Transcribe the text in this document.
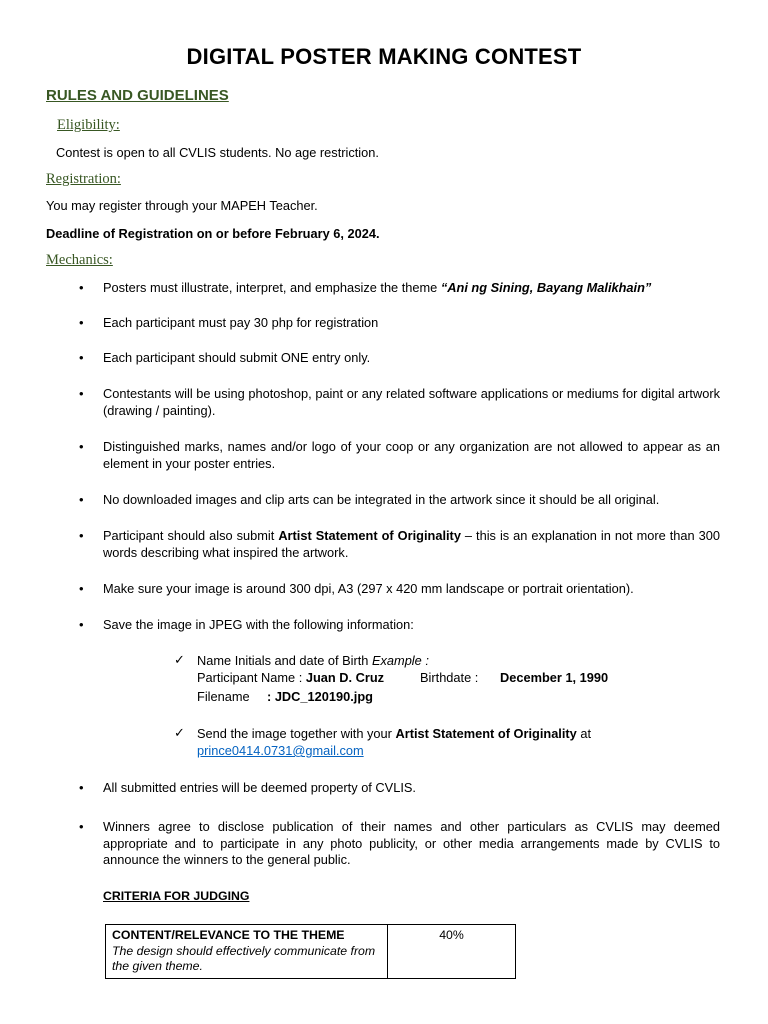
DIGITAL POSTER MAKING CONTEST
RULES AND GUIDELINES
Eligibility:
Contest is open to all CVLIS students. No age restriction.
Registration:
You may register through your MAPEH Teacher.
Deadline of Registration on or before February 6, 2024.
Mechanics:
• Posters must illustrate, interpret, and emphasize the theme “Ani ng Sining, Bayang Malikhain”
• Each participant must pay 30 php for registration
• Each participant should submit ONE entry only.
• Contestants will be using photoshop, paint or any related software applications or mediums for digital artwork (drawing / painting).
• Distinguished marks, names and/or logo of your coop or any organization are not allowed to appear as an element in your poster entries.
• No downloaded images and clip arts can be integrated in the artwork since it should be all original.
• Participant should also submit Artist Statement of Originality – this is an explanation in not more than 300 words describing what inspired the artwork.
• Make sure your image is around 300 dpi, A3 (297 x 420 mm landscape or portrait orientation).
• Save the image in JPEG with the following information:
✓ Name Initials and date of Birth Example :
Participant Name : Juan D. Cruz	Birthdate : December 1, 1990
Filename : JDC_120190.jpg
✓ Send the image together with your Artist Statement of Originality at
prince0414.0731@gmail.com
• All submitted entries will be deemed property of CVLIS.
• Winners agree to disclose publication of their names and other particulars as CVLIS may deemed appropriate and to participate in any photo publicity, or other media arrangements made by CVLIS to announce the winners to the general public.
CRITERIA FOR JUDGING
CONTENT/RELEVANCE TO THE THEME
The design should effectively communicate from the given theme.
	40%
